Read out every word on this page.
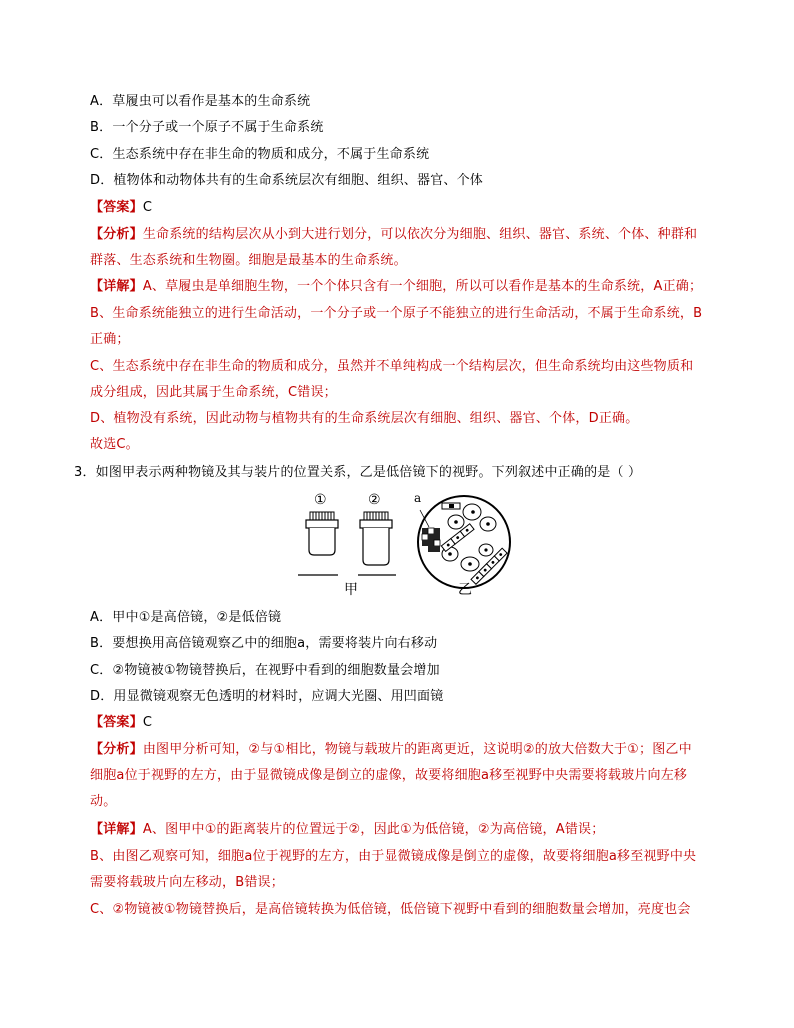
A．草履虫可以看作是基本的生命系统
B．一个分子或一个原子不属于生命系统
C．生态系统中存在非生命的物质和成分，不属于生命系统
D．植物体和动物体共有的生命系统层次有细胞、组织、器官、个体
【答案】C
【分析】生命系统的结构层次从小到大进行划分，可以依次分为细胞、组织、器官、系统、个体、种群和
群落、生态系统和生物圈。细胞是最基本的生命系统。
【详解】A、草履虫是单细胞生物，一个个体只含有一个细胞，所以可以看作是基本的生命系统，A正确；
B、生命系统能独立的进行生命活动，一个分子或一个原子不能独立的进行生命活动，不属于生命系统，B
正确；
C、生态系统中存在非生命的物质和成分，虽然并不单纯构成一个结构层次，但生命系统均由这些物质和
成分组成，因此其属于生命系统，C错误；
D、植物没有系统，因此动物与植物共有的生命系统层次有细胞、组织、器官、个体，D正确。
故选C。
3．如图甲表示两种物镜及其与装片的位置关系，乙是低倍镜下的视野。下列叙述中正确的是（ ）
①	②	a
甲	乙
A．甲中①是高倍镜，②是低倍镜
B．要想换用高倍镜观察乙中的细胞a，需要将装片向右移动
C．②物镜被①物镜替换后，在视野中看到的细胞数量会增加
D．用显微镜观察无色透明的材料时，应调大光圈、用凹面镜
【答案】C
【分析】由图甲分析可知，②与①相比，物镜与载玻片的距离更近，这说明②的放大倍数大于①；图乙中
细胞a位于视野的左方，由于显微镜成像是倒立的虚像，故要将细胞a移至视野中央需要将载玻片向左移
动。
【详解】A、图甲中①的距离装片的位置远于②，因此①为低倍镜，②为高倍镜，A错误；
B、由图乙观察可知，细胞a位于视野的左方，由于显微镜成像是倒立的虚像，故要将细胞a移至视野中央
需要将载玻片向左移动，B错误；
C、②物镜被①物镜替换后，是高倍镜转换为低倍镜，低倍镜下视野中看到的细胞数量会增加，亮度也会
